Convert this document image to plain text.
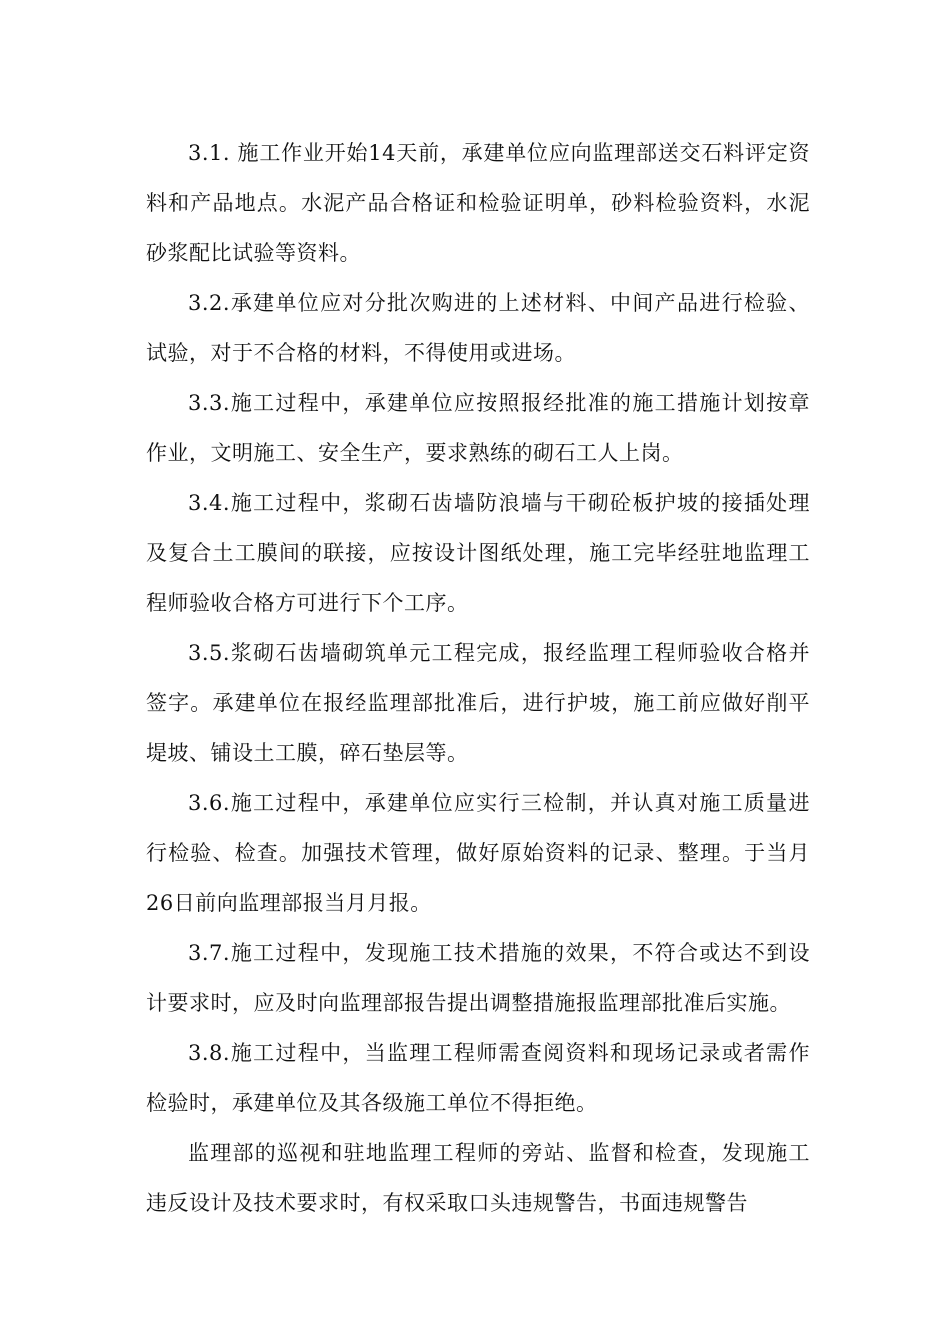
3.1. 施工作业开始14天前，承建单位应向监理部送交石料评定资料和产品地点。水泥产品合格证和检验证明单，砂料检验资料，水泥砂浆配比试验等资料。

3.2.承建单位应对分批次购进的上述材料、中间产品进行检验、试验，对于不合格的材料，不得使用或进场。

3.3.施工过程中，承建单位应按照报经批准的施工措施计划按章作业，文明施工、安全生产，要求熟练的砌石工人上岗。

3.4.施工过程中，浆砌石齿墙防浪墙与干砌砼板护坡的接插处理及复合土工膜间的联接，应按设计图纸处理，施工完毕经驻地监理工程师验收合格方可进行下个工序。

3.5.浆砌石齿墙砌筑单元工程完成，报经监理工程师验收合格并签字。承建单位在报经监理部批准后，进行护坡，施工前应做好削平堤坡、铺设土工膜，碎石垫层等。

3.6.施工过程中，承建单位应实行三检制，并认真对施工质量进行检验、检查。加强技术管理，做好原始资料的记录、整理。于当月26日前向监理部报当月月报。

3.7.施工过程中，发现施工技术措施的效果，不符合或达不到设计要求时，应及时向监理部报告提出调整措施报监理部批准后实施。

3.8.施工过程中，当监理工程师需查阅资料和现场记录或者需作检验时，承建单位及其各级施工单位不得拒绝。

监理部的巡视和驻地监理工程师的旁站、监督和检查，发现施工违反设计及技术要求时，有权采取口头违规警告，书面违规警告
